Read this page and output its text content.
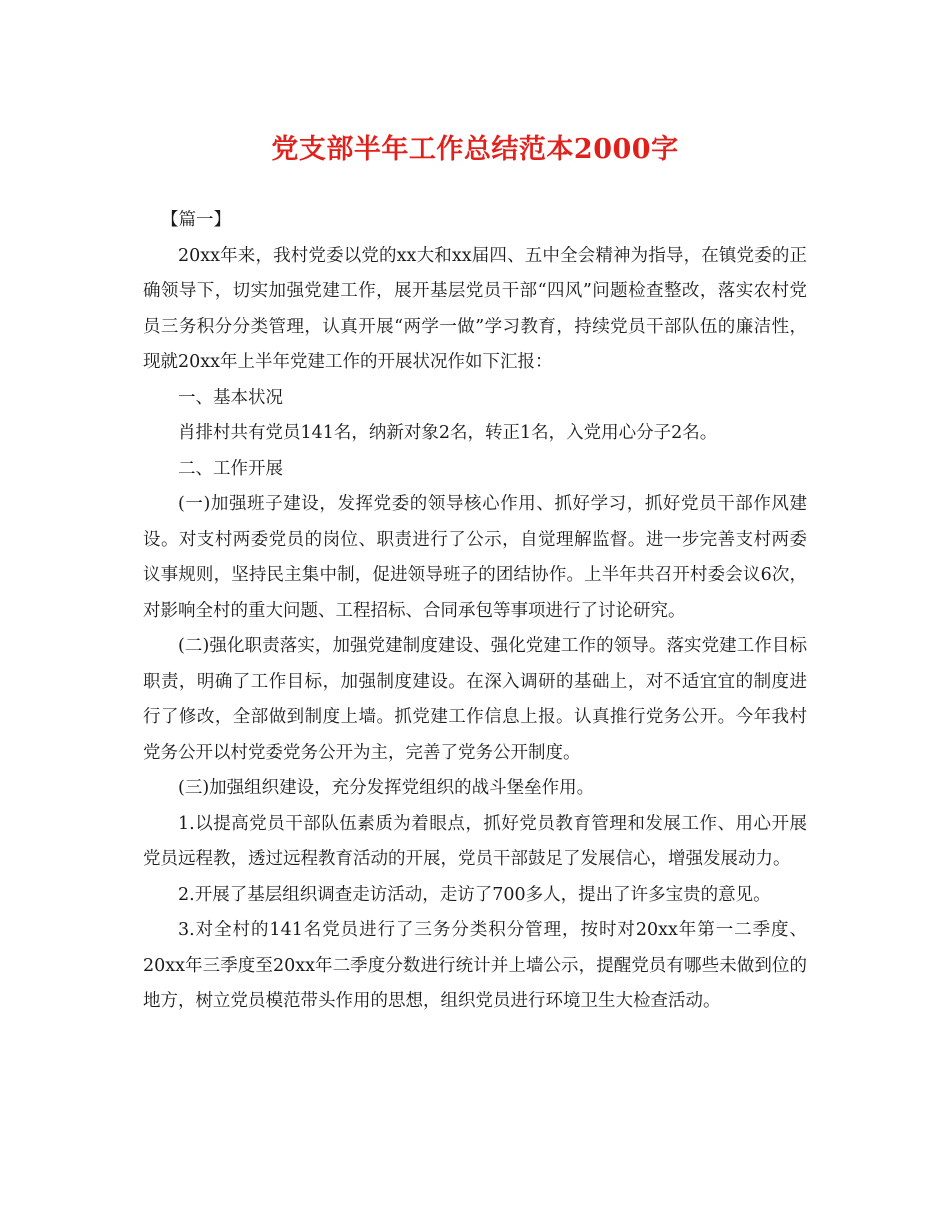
党支部半年工作总结范本2000字

【篇一】

20xx年来，我村党委以党的xx大和xx届四、五中全会精神为指导，在镇党委的正确领导下，切实加强党建工作，展开基层党员干部“四风”问题检查整改，落实农村党员三务积分分类管理，认真开展“两学一做”学习教育，持续党员干部队伍的廉洁性，现就20xx年上半年党建工作的开展状况作如下汇报：

一、基本状况

肖排村共有党员141名，纳新对象2名，转正1名，入党用心分子2名。

二、工作开展

(一)加强班子建设，发挥党委的领导核心作用、抓好学习，抓好党员干部作风建设。对支村两委党员的岗位、职责进行了公示，自觉理解监督。进一步完善支村两委议事规则，坚持民主集中制，促进领导班子的团结协作。上半年共召开村委会议6次，对影响全村的重大问题、工程招标、合同承包等事项进行了讨论研究。

(二)强化职责落实，加强党建制度建设、强化党建工作的领导。落实党建工作目标职责，明确了工作目标，加强制度建设。在深入调研的基础上，对不适宜宜的制度进行了修改，全部做到制度上墙。抓党建工作信息上报。认真推行党务公开。今年我村党务公开以村党委党务公开为主，完善了党务公开制度。

(三)加强组织建设，充分发挥党组织的战斗堡垒作用。

1.以提高党员干部队伍素质为着眼点，抓好党员教育管理和发展工作、用心开展党员远程教，透过远程教育活动的开展，党员干部鼓足了发展信心，增强发展动力。

2.开展了基层组织调查走访活动，走访了700多人，提出了许多宝贵的意见。

3.对全村的141名党员进行了三务分类积分管理，按时对20xx年第一二季度、20xx年三季度至20xx年二季度分数进行统计并上墙公示，提醒党员有哪些未做到位的地方，树立党员模范带头作用的思想，组织党员进行环境卫生大检查活动。
